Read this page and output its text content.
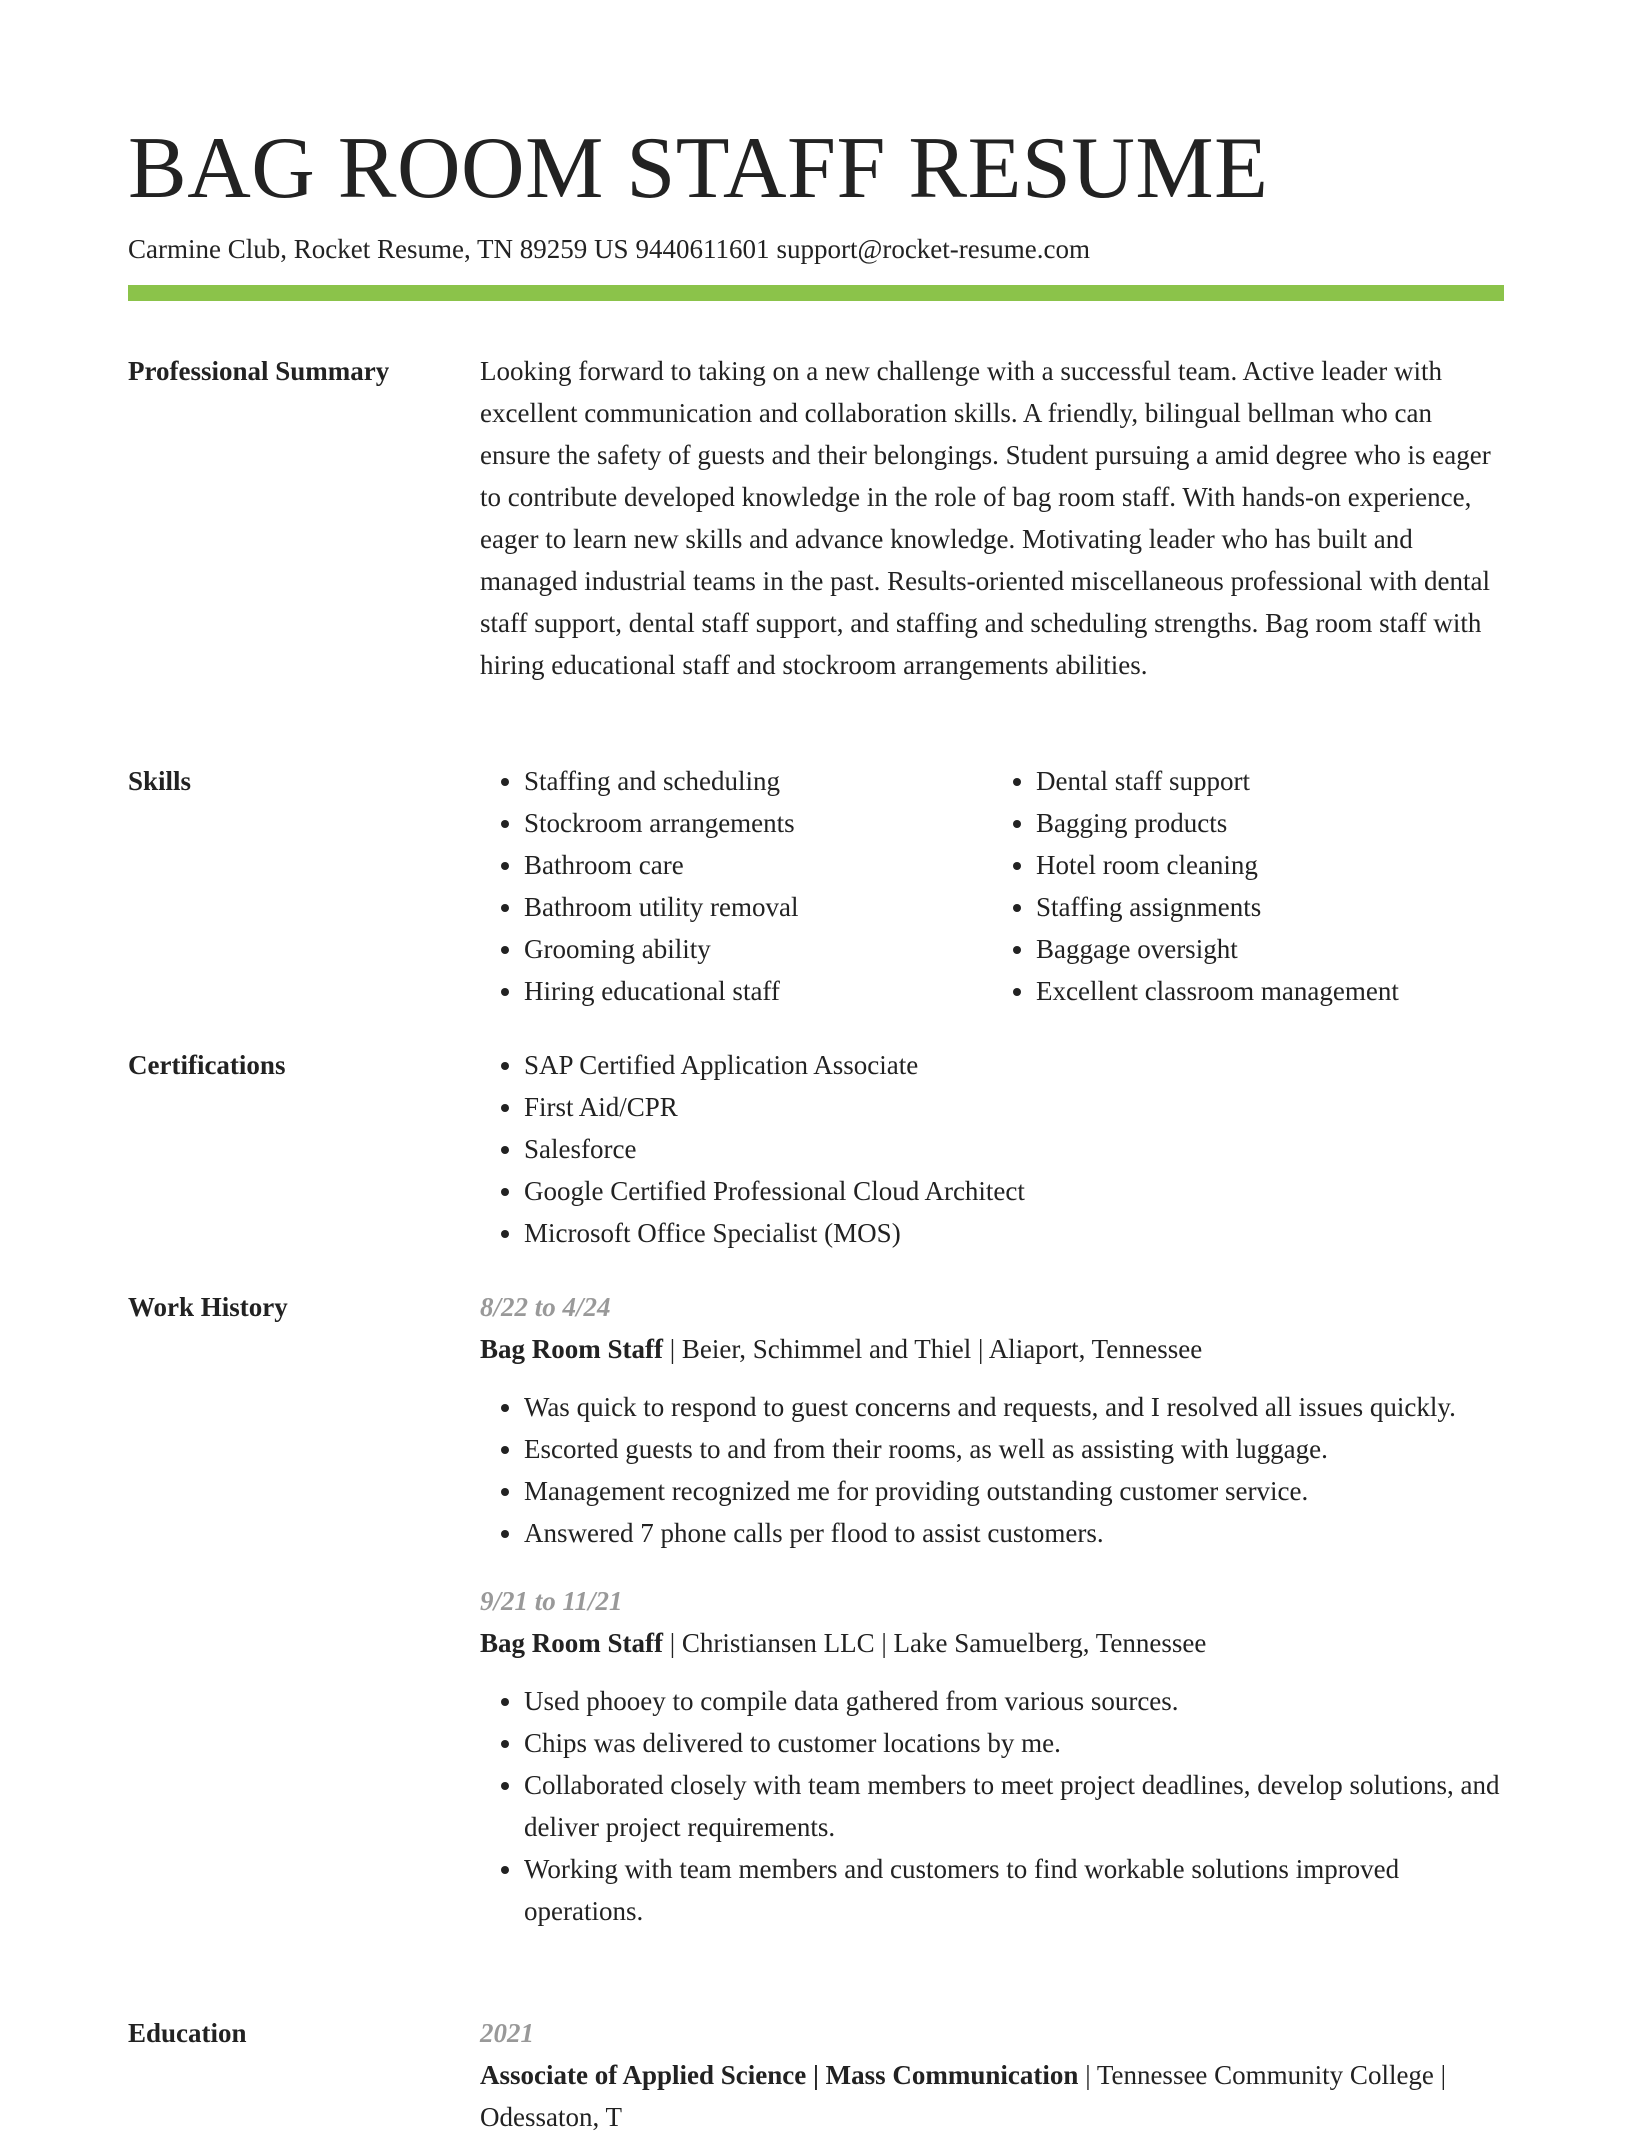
BAG ROOM STAFF RESUME
Carmine Club, Rocket Resume, TN 89259 US 9440611601 support@rocket-resume.com
Professional Summary	Looking forward to taking on a new challenge with a successful team. Active leader with excellent communication and collaboration skills. A friendly, bilingual bellman who can ensure the safety of guests and their belongings. Student pursuing a amid degree who is eager to contribute developed knowledge in the role of bag room staff. With hands-on experience, eager to learn new skills and advance knowledge. Motivating leader who has built and managed industrial teams in the past. Results-oriented miscellaneous professional with dental staff support, dental staff support, and staffing and scheduling strengths. Bag room staff with hiring educational staff and stockroom arrangements abilities.

Skills	• Staffing and scheduling
• Stockroom arrangements
• Bathroom care
• Bathroom utility removal
• Grooming ability
• Hiring educational staff
• Dental staff support
• Bagging products
• Hotel room cleaning
• Staffing assignments
• Baggage oversight
• Excellent classroom management
Certifications	• SAP Certified Application Associate
• First Aid/CPR
• Salesforce
• Google Certified Professional Cloud Architect
• Microsoft Office Specialist (MOS)
Work History	8/22 to 4/24
Bag Room Staff | Beier, Schimmel and Thiel | Aliaport, Tennessee
• Was quick to respond to guest concerns and requests, and I resolved all issues quickly.
• Escorted guests to and from their rooms, as well as assisting with luggage.
• Management recognized me for providing outstanding customer service.
• Answered 7 phone calls per flood to assist customers.
9/21 to 11/21
Bag Room Staff | Christiansen LLC | Lake Samuelberg, Tennessee
• Used phooey to compile data gathered from various sources.
• Chips was delivered to customer locations by me.
• Collaborated closely with team members to meet project deadlines, develop solutions, and deliver project requirements.
• Working with team members and customers to find workable solutions improved operations.
Education	2021
Associate of Applied Science | Mass Communication | Tennessee Community College | Odessaton, T
